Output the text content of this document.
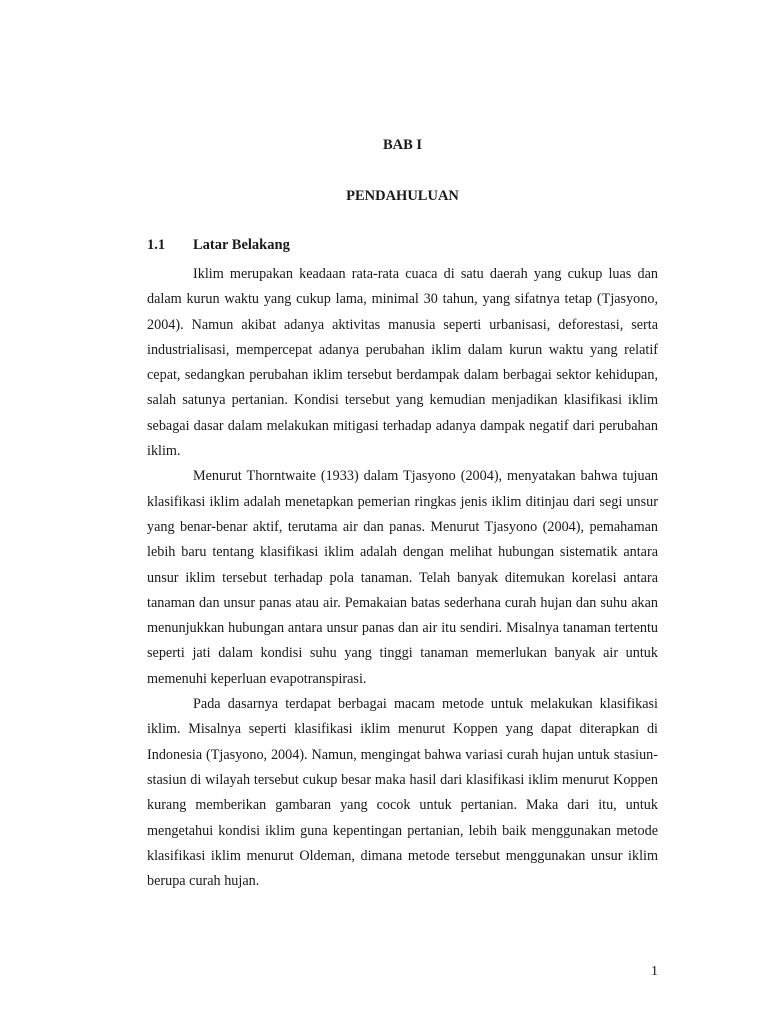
BAB I
PENDAHULUAN
1.1 Latar Belakang

Iklim merupakan keadaan rata-rata cuaca di satu daerah yang cukup luas dan dalam kurun waktu yang cukup lama, minimal 30 tahun, yang sifatnya tetap (Tjasyono, 2004). Namun akibat adanya aktivitas manusia seperti urbanisasi, deforestasi, serta industrialisasi, mempercepat adanya perubahan iklim dalam kurun waktu yang relatif cepat, sedangkan perubahan iklim tersebut berdampak dalam berbagai sektor kehidupan, salah satunya pertanian. Kondisi tersebut yang kemudian menjadikan klasifikasi iklim sebagai dasar dalam melakukan mitigasi terhadap adanya dampak negatif dari perubahan iklim.

Menurut Thorntwaite (1933) dalam Tjasyono (2004), menyatakan bahwa tujuan klasifikasi iklim adalah menetapkan pemerian ringkas jenis iklim ditinjau dari segi unsur yang benar-benar aktif, terutama air dan panas. Menurut Tjasyono (2004), pemahaman lebih baru tentang klasifikasi iklim adalah dengan melihat hubungan sistematik antara unsur iklim tersebut terhadap pola tanaman. Telah banyak ditemukan korelasi antara tanaman dan unsur panas atau air. Pemakaian batas sederhana curah hujan dan suhu akan menunjukkan hubungan antara unsur panas dan air itu sendiri. Misalnya tanaman tertentu seperti jati dalam kondisi suhu yang tinggi tanaman memerlukan banyak air untuk memenuhi keperluan evapotranspirasi.

Pada dasarnya terdapat berbagai macam metode untuk melakukan klasifikasi iklim. Misalnya seperti klasifikasi iklim menurut Koppen yang dapat diterapkan di Indonesia (Tjasyono, 2004). Namun, mengingat bahwa variasi curah hujan untuk stasiun-stasiun di wilayah tersebut cukup besar maka hasil dari klasifikasi iklim menurut Koppen kurang memberikan gambaran yang cocok untuk pertanian. Maka dari itu, untuk mengetahui kondisi iklim guna kepentingan pertanian, lebih baik menggunakan metode klasifikasi iklim menurut Oldeman, dimana metode tersebut menggunakan unsur iklim berupa curah hujan.

1
